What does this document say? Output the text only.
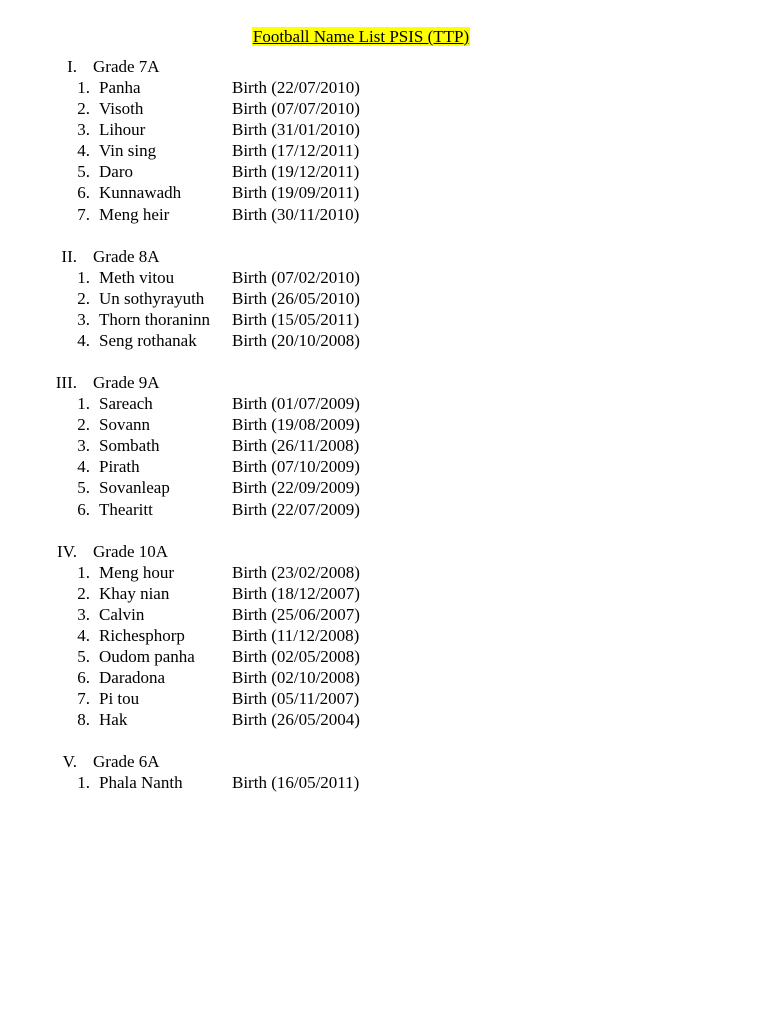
Football Name List PSIS (TTP)
I. Grade 7A
1. Panha	Birth (22/07/2010)
2. Visoth	Birth (07/07/2010)
3. Lihour	Birth (31/01/2010)
4. Vin sing	Birth (17/12/2011)
5. Daro	Birth (19/12/2011)
6. Kunnawadh	Birth (19/09/2011)
7. Meng heir	Birth (30/11/2010)
II. Grade 8A
1. Meth vitou	Birth (07/02/2010)
2. Un sothyrayuth Birth (26/05/2010)
3. Thorn thoraninn Birth (15/05/2011)
4. Seng rothanak Birth (20/10/2008)
III. Grade 9A
1. Sareach	Birth (01/07/2009)
2. Sovann	Birth (19/08/2009)
3. Sombath	Birth (26/11/2008)
4. Pirath	Birth (07/10/2009)
5. Sovanleap	Birth (22/09/2009)
6. Thearitt	Birth (22/07/2009)
IV. Grade 10A
1. Meng hour	Birth (23/02/2008)
2. Khay nian	Birth (18/12/2007)
3. Calvin	Birth (25/06/2007)
4. Richesphorp	Birth (11/12/2008)
5. Oudom panha Birth (02/05/2008)
6. Daradona	Birth (02/10/2008)
7. Pi tou	Birth (05/11/2007)
8. Hak	Birth (26/05/2004)
V. Grade 6A
1. Phala Nanth	Birth (16/05/2011)
